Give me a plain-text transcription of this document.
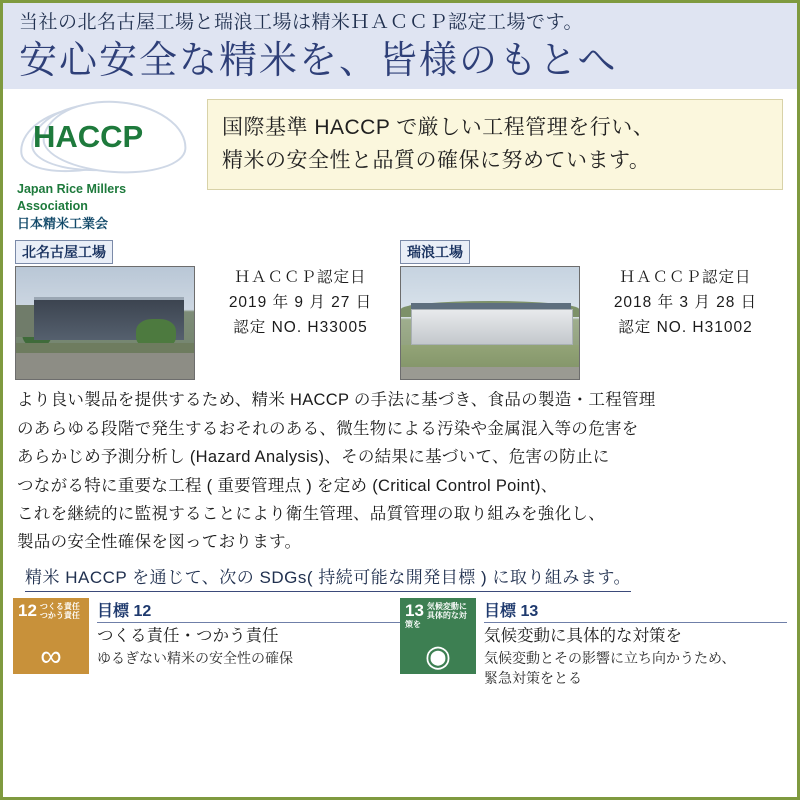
当社の北名古屋工場と瑞浪工場は精米ＨＡＣＣＰ認定工場です。
安心安全な精米を、皆様のもとへ
HACCP
Japan Rice Millers
Association
日本精米工業会
国際基準 HACCP で厳しい工程管理を行い、
精米の安全性と品質の確保に努めています。
北名古屋工場
ＨＡＣＣＰ認定日
2019 年 9 月 27 日
認定 NO. H33005
瑞浪工場
ＨＡＣＣＰ認定日
2018 年 3 月 28 日
認定 NO. H31002
より良い製品を提供するため、精米 HACCP の手法に基づき、食品の製造・工程管理
のあらゆる段階で発生するおそれのある、微生物による汚染や金属混入等の危害を
あらかじめ予測分析し (Hazard Analysis)、その結果に基づいて、危害の防止に
つながる特に重要な工程 ( 重要管理点 ) を定め (Critical Control Point)、
これを継続的に監視することにより衛生管理、品質管理の取り組みを強化し、
製品の安全性確保を図っております。
精米 HACCP を通じて、次の SDGs( 持続可能な開発目標 ) に取り組みます。
12 つくる責任
つかう責任
∞
目標 12
つくる責任・つかう責任
ゆるぎない精米の安全性の確保
13 気候変動に
具体的な対策を
◉
目標 13
気候変動に具体的な対策を
気候変動とその影響に立ち向かうため、
緊急対策をとる
